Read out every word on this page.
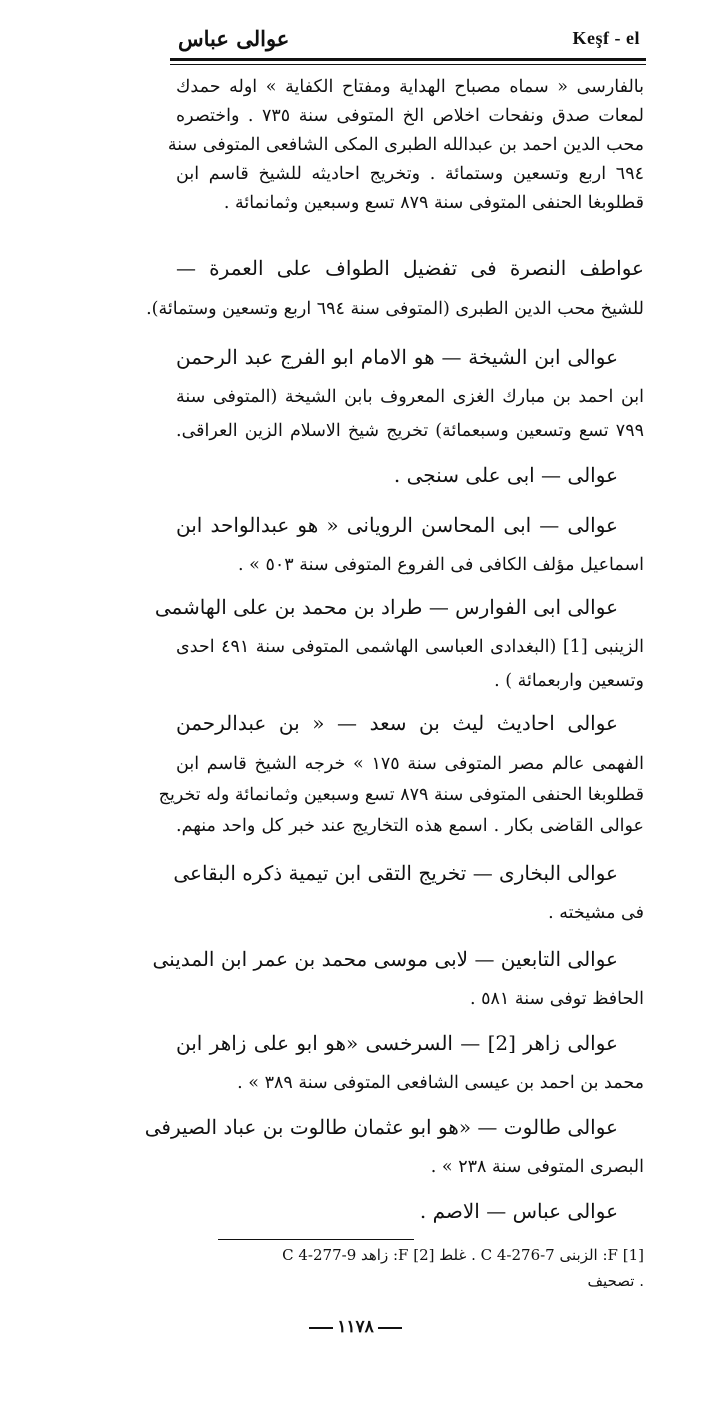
عوالی عباس	Keşf - el
بالفارسی « سماه مصباح الهداية ومفتاح الكفاية » اوله حمدك
لمعات صدق ونفحات اخلاص الخ المتوفى سنة ٧٣٥ . واختصره
محب الدين احمد بن عبدالله الطبرى المكى الشافعى المتوفى سنة
٦٩٤ اربع وتسعين وستمائة . وتخريج احاديثه للشيخ قاسم ابن
قطلوبغا الحنفى المتوفى سنة ٨٧٩ تسع وسبعين وثمانمائة .
عواطف النصرة فى تفضيل الطواف على العمرة —
للشيخ محب الدين الطبرى (المتوفى سنة ٦٩٤ اربع وتسعين وستمائة).
عوالى ابن الشيخة — هو الامام ابو الفرج عبد الرحمن
ابن احمد بن مبارك الغزى المعروف بابن الشيخة (المتوفى سنة
٧٩٩ تسع وتسعين وسبعمائة) تخريج شيخ الاسلام الزين العراقى.
عوالى — ابى على سنجى .
عوالى — ابى المحاسن الرويانى « هو عبدالواحد ابن
اسماعيل مؤلف الكافى فى الفروع المتوفى سنة ٥٠٣ » .
عوالى ابى الفوارس — طراد بن محمد بن على الهاشمى
الزينبى [1] (البغدادى العباسى الهاشمى المتوفى سنة ٤٩١ احدى
وتسعين واربعمائة ) .
عوالى احاديث ليث بن سعد — « بن عبدالرحمن
الفهمى عالم مصر المتوفى سنة ١٧٥ » خرجه الشيخ قاسم ابن
قطلوبغا الحنفى المتوفى سنة ٨٧٩ تسع وسبعين وثمانمائة وله تخريج
عوالى القاضى بكار . اسمع هذه التخاريج عند خبر كل واحد منهم.
عوالى البخارى — تخريج التقى ابن تيمية ذكره البقاعى
فى مشيخته .
عوالى التابعين — لابى موسى محمد بن عمر ابن المدينى
الحافظ توفى سنة ٥٨١ .
عوالى زاهر [2] — السرخسى «هو ابو على زاهر ابن
محمد بن احمد بن عيسى الشافعى المتوفى سنة ٣٨٩ » .
عوالى طالوت — «هو ابو عثمان طالوت بن عباد الصيرفى
البصرى المتوفى سنة ٢٣٨ » .
عوالى عباس — الاصم .
[1] F: الزبنى C 4-276-7 . غلط [2] F: زاهد C 4-277-9
. تصحيف
١١٧٨
